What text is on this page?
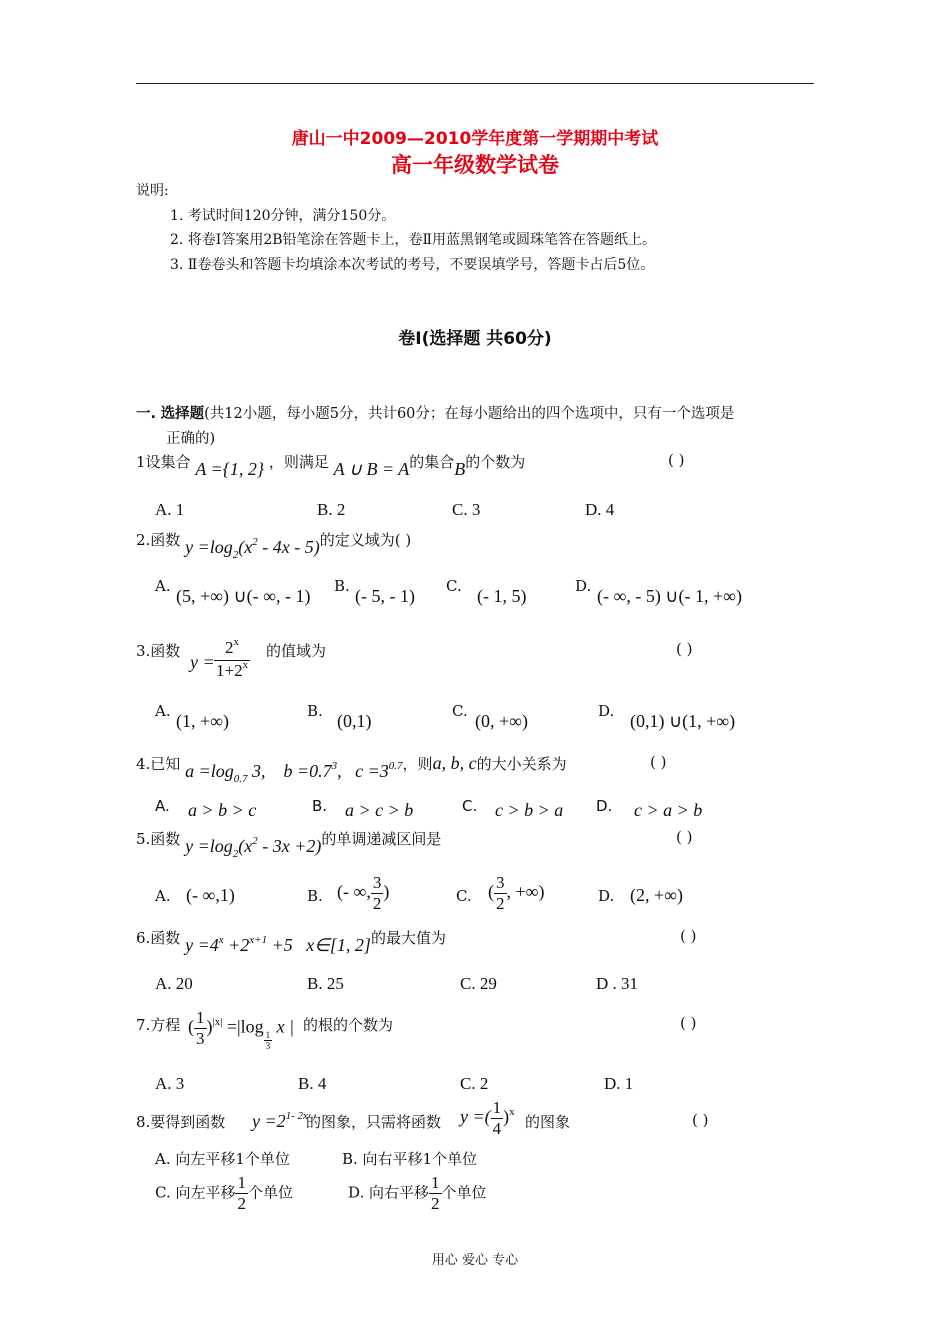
唐山一中2009—2010学年度第一学期期中考试
高一年级数学试卷
说明:
1. 考试时间120分钟，满分150分。
2. 将卷Ⅰ答案用2B铅笔涂在答题卡上，卷Ⅱ用蓝黑钢笔或圆珠笔答在答题纸上。
3. Ⅱ卷卷头和答题卡均填涂本次考试的考号，不要误填学号，答题卡占后5位。
卷Ⅰ(选择题 共60分)
一. 选择题(共12小题，每小题5分，共计60分；在每小题给出的四个选项中，只有一个选项是
正确的)
1设集合 A ={1, 2} ，则满足 A ∪ B = A的集合B的个数为	( )
A. 1	B. 2	C. 3	D. 4
2.函数 $y =\log_2(x^2 - 4x - 5)$的定义域为( )
A. (5, +∞) ∪(- ∞, - 1) B. (- 5, - 1) C. (- 1, 5)	D. (- ∞, - 5) ∪(- 1, +∞)
3.函数
$y = \frac{2^x}{1+2^x}$ 的值域为	( )
A. (1, +∞)	B. (0,1)	C. (0, +∞)	D. (0,1) ∪(1, +∞)
4.已知 $a =\log_{0.7}$ 3, $b =0.7^3$, $c =3^{0.7}$，则a, b, c的大小关系为	( )
A. a > b > c	B. a > c > b	C. c > b > a D. c > a > b
5.函数 $y =\log_2(x^2 - 3x +2)$的单调递减区间是	( )
A. (- ∞,1)	B. (- ∞, $\frac{3}{2}$ )	C. ( $\frac{3}{2}$ , +∞)	D. (2, +∞)
6.函数 $y =4^x +2^{x+1} +5$ x∈[1, 2]的最大值为	( )
A. 20	B. 25	C. 29	D . 31
7.方程 ( $\frac{1}{3} )^{|x|} =|\log$
$\frac{1}{3}$
x | 的根的个数为	( )
A. 3	B. 4	C. 2	D. 1
8.要得到函数 $y =2^{1- 2x}$
的图象，只需将函数 y =( $\frac{1}{4} )^x$
的图象	( )
A. 向左平移1个单位	B. 向右平移1个单位
C. 向左平移 $\frac{1}{2}$ 个单位	D. 向右平移 $\frac{1}{2}$ 个单位
用心 爱心 专心
